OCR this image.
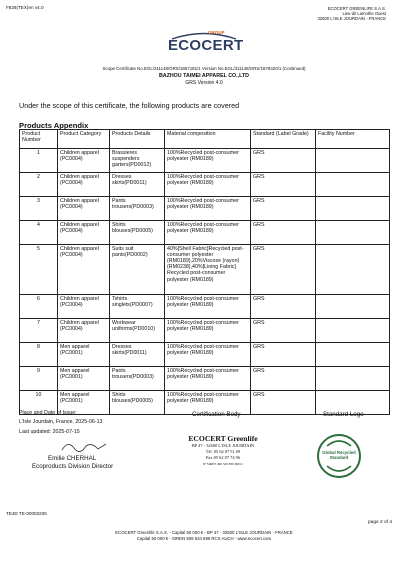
F828(TEX)en v4.0	ECOCERT GREENLIFE S.A.S.
Lieu-dit Lamothe Ouest
32600 L'ISLE JOURDAIN - FRANCE
GROUP
ECOCERT
Scope Certificate No.EGL/311148/GRS/1867181/1 Version No.EGL/311148/GRS/1878420/1 (Continued)
BAZHOU TAIMEI APPAREL CO.,LTD
GRS Version 4.0
Under the scope of this certificate, the following products are covered
Products Appendix
Product Number	Product Category	Products Details	Material composition	Standard (Label Grade)	Facility Number
1	Children apparel (PC0004)	Brassieres suspenders garters(PD0012)	100%Recycled post-consumer polyester (RM0189)	GRS	
2	Children apparel (PC0004)	Dresses skirts(PD0011)	100%Recycled post-consumer polyester (RM0189)	GRS	
3	Children apparel (PC0004)	Pants trousers(PD0003)	100%Recycled post-consumer polyester (RM0189)	GRS	
4	Children apparel (PC0004)	Shirts blouses(PD0005)	100%Recycled post-consumer polyester (RM0189)	GRS	
5	Children apparel (PC0004)	Suits suit pants(PD0002)	40%[Shell Fabric]Recycled post-consumer polyester (RM0189),20%Viscose (rayon)(RM0238),40%[Lining Fabric] Recycled post-consumer polyester (RM0189)	GRS	
6	Children apparel (PC0004)	Tshirts singlets(PD0007)	100%Recycled post-consumer polyester (RM0189)	GRS	
7	Children apparel (PC0004)	Workwear uniforms(PD0010)	100%Recycled post-consumer polyester (RM0189)	GRS	
8	Men apparel (PC0001)	Dresses skirts(PD0011)	100%Recycled post-consumer polyester (RM0189)	GRS	
9	Men apparel (PC0001)	Pants trousers(PD0003)	100%Recycled post-consumer polyester (RM0189)	GRS	
10	Men apparel (PC0001)	Shirts blouses(PD0005)	100%Recycled post-consumer polyester (RM0189)	GRS	
Place and Date of Issue:
L'Isle Jourdain, France, 2025-06-13
Last updated: 2025-07-15
Certification Body	Standard Logo
ECOCERT Greenlife
BP 47 - 32600 L'ISLE JOURDAIN
Tél. 05 62 07 51 09
Fax 05 62 07 74 96
N°SIRET 499 529 839 00011
Emilie CHERHAL
Ecoproducts Division Director
Global Recycled
Standard
TE4D TE-00003235
page 2 of 4
ECOCERT Greenlife S.A.S. - Capital 50 000 € - BP 47 - 32600 L'ISLE JOURDAIN - FRANCE
Capital 50 000 € - SIREN 509 534 696 RCS AUCH - www.ecocert.com
